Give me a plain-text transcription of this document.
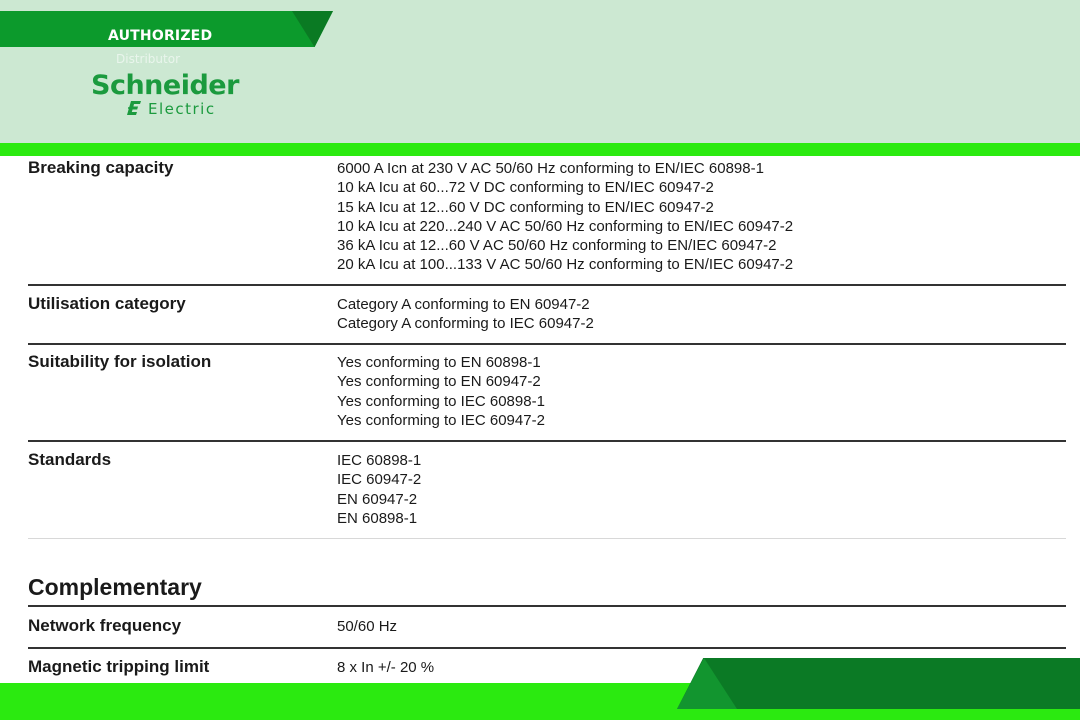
AUTHORIZED
Distributor
Schneider
Electric
Breaking capacity	6000 A Icn at 230 V AC 50/60 Hz conforming to EN/IEC 60898-1
10 kA Icu at 60...72 V DC conforming to EN/IEC 60947-2
15 kA Icu at 12...60 V DC conforming to EN/IEC 60947-2
10 kA Icu at 220...240 V AC 50/60 Hz conforming to EN/IEC 60947-2
36 kA Icu at 12...60 V AC 50/60 Hz conforming to EN/IEC 60947-2
20 kA Icu at 100...133 V AC 50/60 Hz conforming to EN/IEC 60947-2
Utilisation category	Category A conforming to EN 60947-2
Category A conforming to IEC 60947-2
Suitability for isolation	Yes conforming to EN 60898-1
Yes conforming to EN 60947-2
Yes conforming to IEC 60898-1
Yes conforming to IEC 60947-2
Standards	IEC 60898-1
IEC 60947-2
EN 60947-2
EN 60898-1
Complementary
Network frequency	50/60 Hz
Magnetic tripping limit	8 x In +/- 20 %
